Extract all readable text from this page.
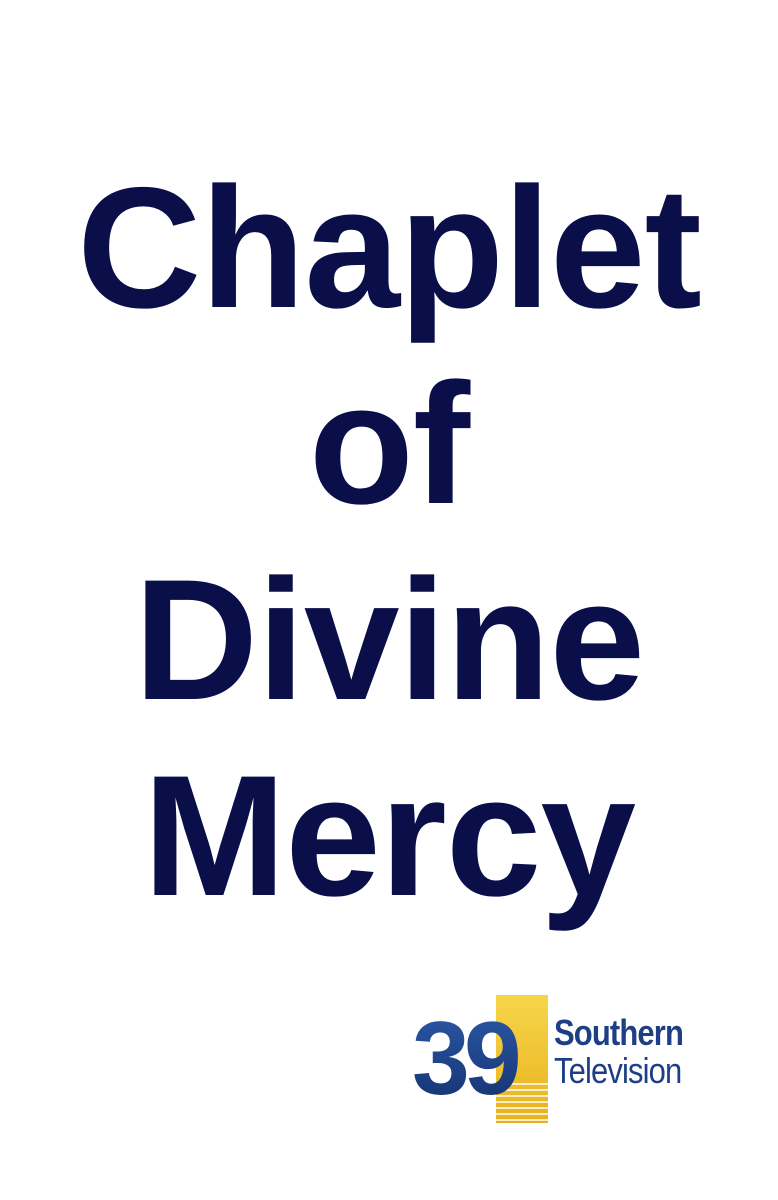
Chaplet
of
Divine
Mercy
39 Southern
Television
